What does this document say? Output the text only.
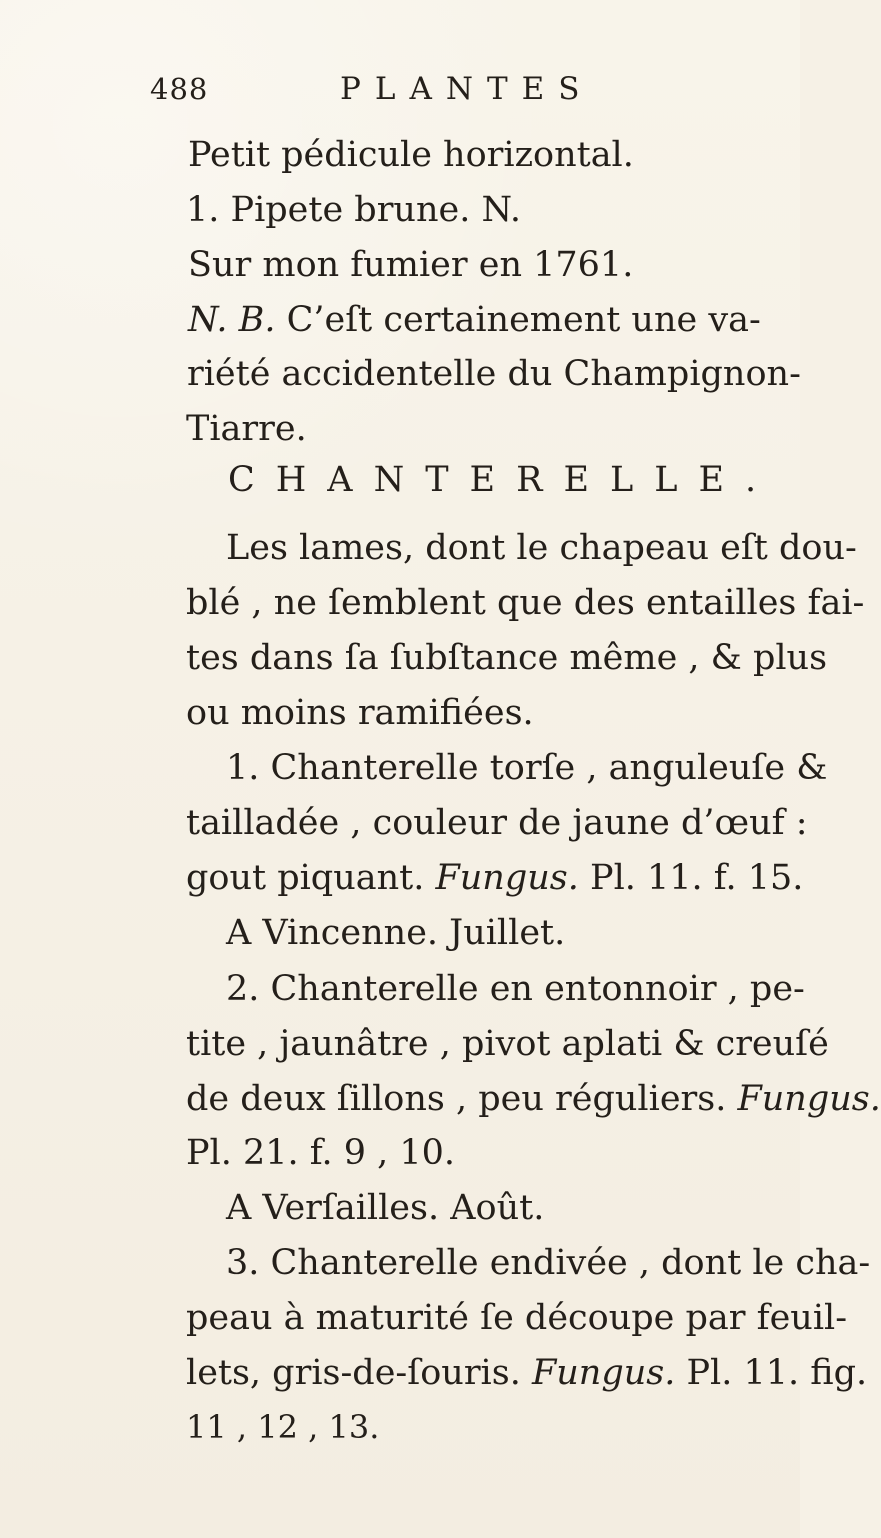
488	PLANTES
Petit pédicule horizontal.
1. Pipete brune. N.
Sur mon fumier en 1761.
N. B. C’eſt certainement une va-
riété accidentelle du Champignon-
Tiarre.
CHANTERELLE.
Les lames, dont le chapeau eſt dou-
blé , ne ſemblent que des entailles fai-
tes dans ſa ſubſtance même , & plus
ou moins ramifiées.
1. Chanterelle torſe , anguleuſe &
tailladée , couleur de jaune d’œuf :
gout piquant. Fungus. Pl. 11. f. 15.
A Vincenne. Juillet.
2. Chanterelle en entonnoir , pe-
tite , jaunâtre , pivot aplati & creuſé
de deux ſillons , peu réguliers. Fungus.
Pl. 21. f. 9 , 10.
A Verſailles. Août.
3. Chanterelle endivée , dont le cha-
peau à maturité ſe découpe par feuil-
lets, gris-de-ſouris. Fungus. Pl. 11. fig.
11 , 12 , 13.
